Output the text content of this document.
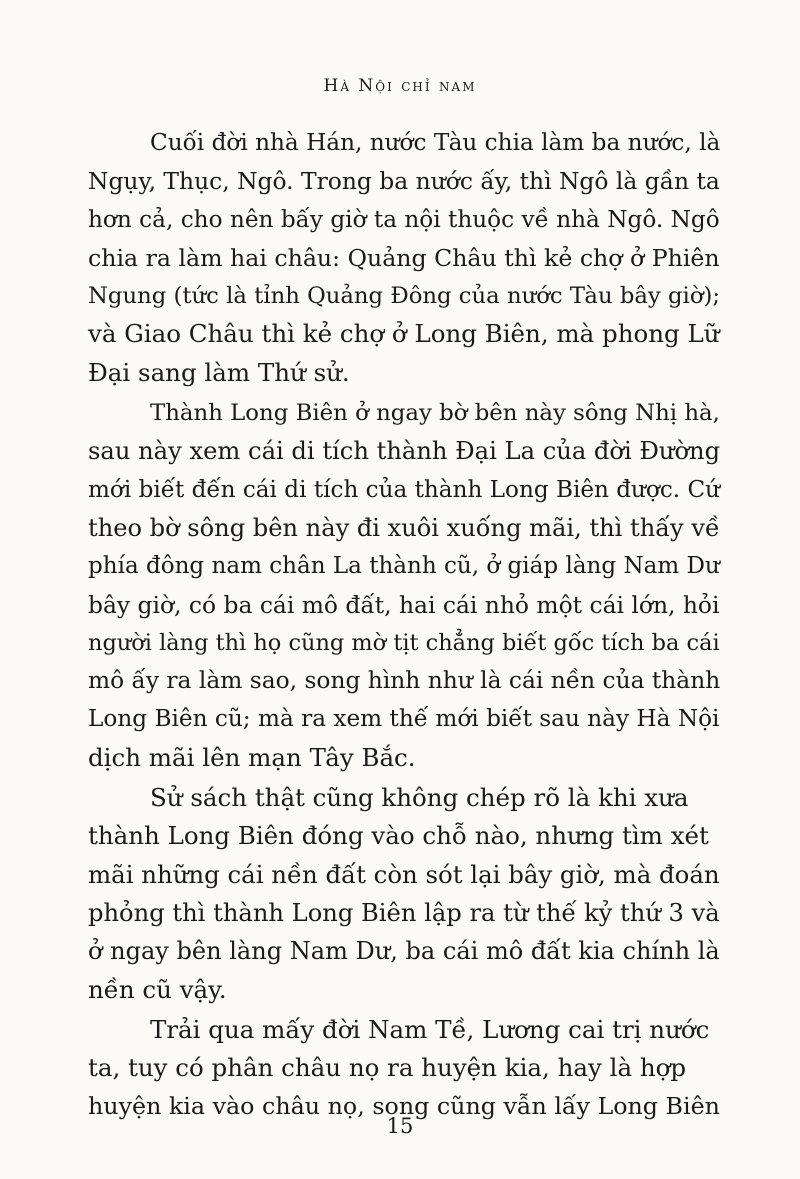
Hà Nội chỉ nam

Cuối đời nhà Hán, nước Tàu chia làm ba nước, là
Ngụy, Thục, Ngô. Trong ba nước ấy, thì Ngô là gần ta
hơn cả, cho nên bấy giờ ta nội thuộc về nhà Ngô. Ngô
chia ra làm hai châu: Quảng Châu thì kẻ chợ ở Phiên
Ngung (tức là tỉnh Quảng Đông của nước Tàu bây giờ);
và Giao Châu thì kẻ chợ ở Long Biên, mà phong Lữ
Đại sang làm Thứ sử.

Thành Long Biên ở ngay bờ bên này sông Nhị hà,
sau này xem cái di tích thành Đại La của đời Đường
mới biết đến cái di tích của thành Long Biên được. Cứ
theo bờ sông bên này đi xuôi xuống mãi, thì thấy về
phía đông nam chân La thành cũ, ở giáp làng Nam Dư
bây giờ, có ba cái mô đất, hai cái nhỏ một cái lớn, hỏi
người làng thì họ cũng mờ tịt chẳng biết gốc tích ba cái
mô ấy ra làm sao, song hình như là cái nền của thành
Long Biên cũ; mà ra xem thế mới biết sau này Hà Nội
dịch mãi lên mạn Tây Bắc.

Sử sách thật cũng không chép rõ là khi xưa
thành Long Biên đóng vào chỗ nào, nhưng tìm xét
mãi những cái nền đất còn sót lại bây giờ, mà đoán
phỏng thì thành Long Biên lập ra từ thế kỷ thứ 3 và
ở ngay bên làng Nam Dư, ba cái mô đất kia chính là
nền cũ vậy.

Trải qua mấy đời Nam Tề, Lương cai trị nước
ta, tuy có phân châu nọ ra huyện kia, hay là hợp
huyện kia vào châu nọ, song cũng vẫn lấy Long Biên

15
